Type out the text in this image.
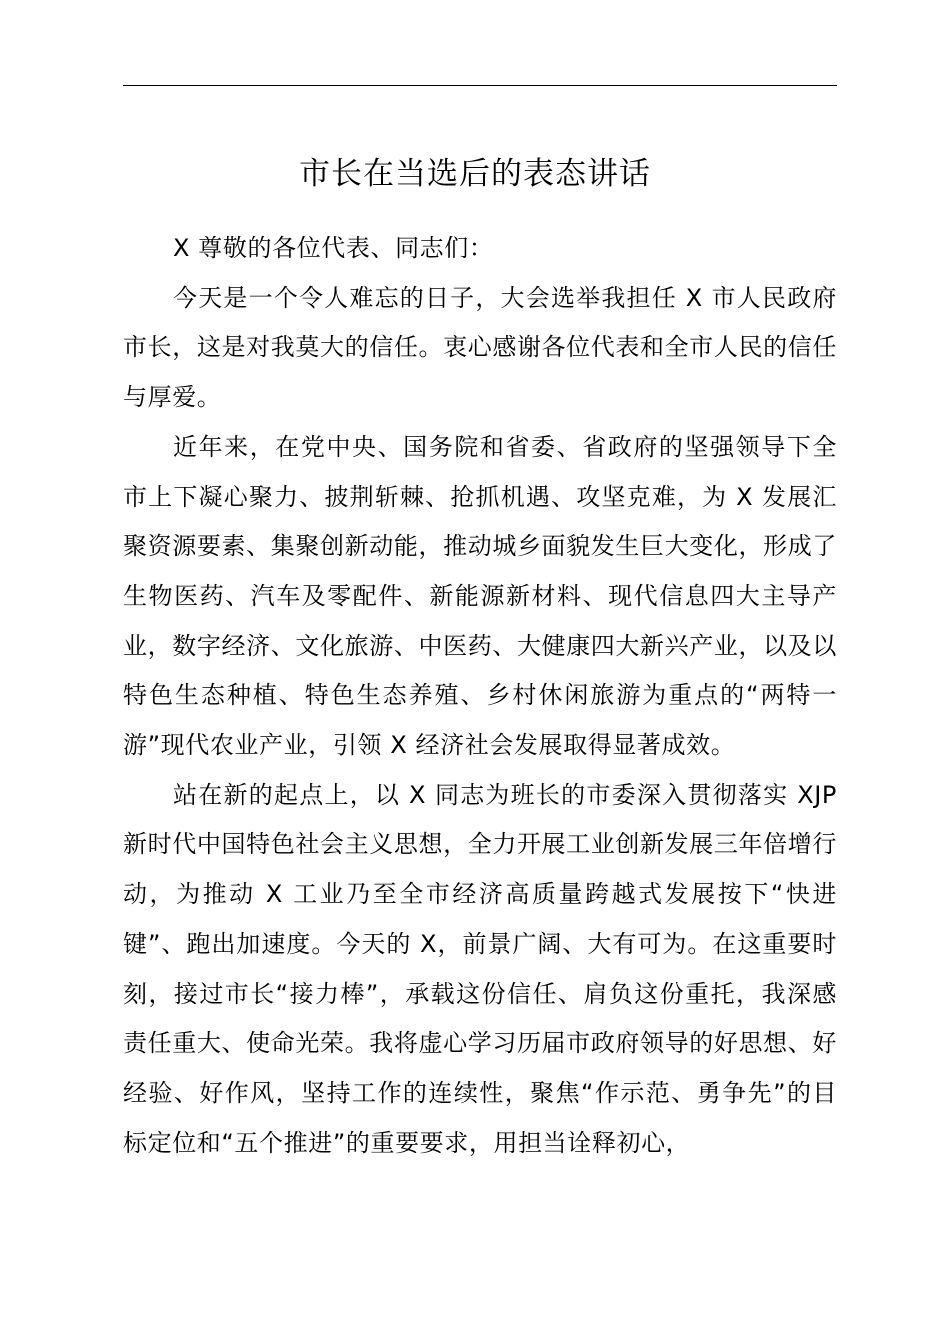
市长在当选后的表态讲话

X 尊敬的各位代表、同志们：

今天是一个令人难忘的日子，大会选举我担任 X 市人民政府市长，这是对我莫大的信任。衷心感谢各位代表和全市人民的信任与厚爱。

近年来，在党中央、国务院和省委、省政府的坚强领导下全市上下凝心聚力、披荆斩棘、抢抓机遇、攻坚克难，为 X 发展汇聚资源要素、集聚创新动能，推动城乡面貌发生巨大变化，形成了生物医药、汽车及零配件、新能源新材料、现代信息四大主导产业，数字经济、文化旅游、中医药、大健康四大新兴产业，以及以特色生态种植、特色生态养殖、乡村休闲旅游为重点的“两特一游”现代农业产业，引领 X 经济社会发展取得显著成效。

站在新的起点上，以 X 同志为班长的市委深入贯彻落实 XJP 新时代中国特色社会主义思想，全力开展工业创新发展三年倍增行动，为推动 X 工业乃至全市经济高质量跨越式发展按下“快进键”、跑出加速度。今天的 X，前景广阔、大有可为。在这重要时刻，接过市长“接力棒”，承载这份信任、肩负这份重托，我深感责任重大、使命光荣。我将虚心学习历届市政府领导的好思想、好经验、好作风，坚持工作的连续性，聚焦“作示范、勇争先”的目标定位和“五个推进”的重要要求，用担当诠释初心，
